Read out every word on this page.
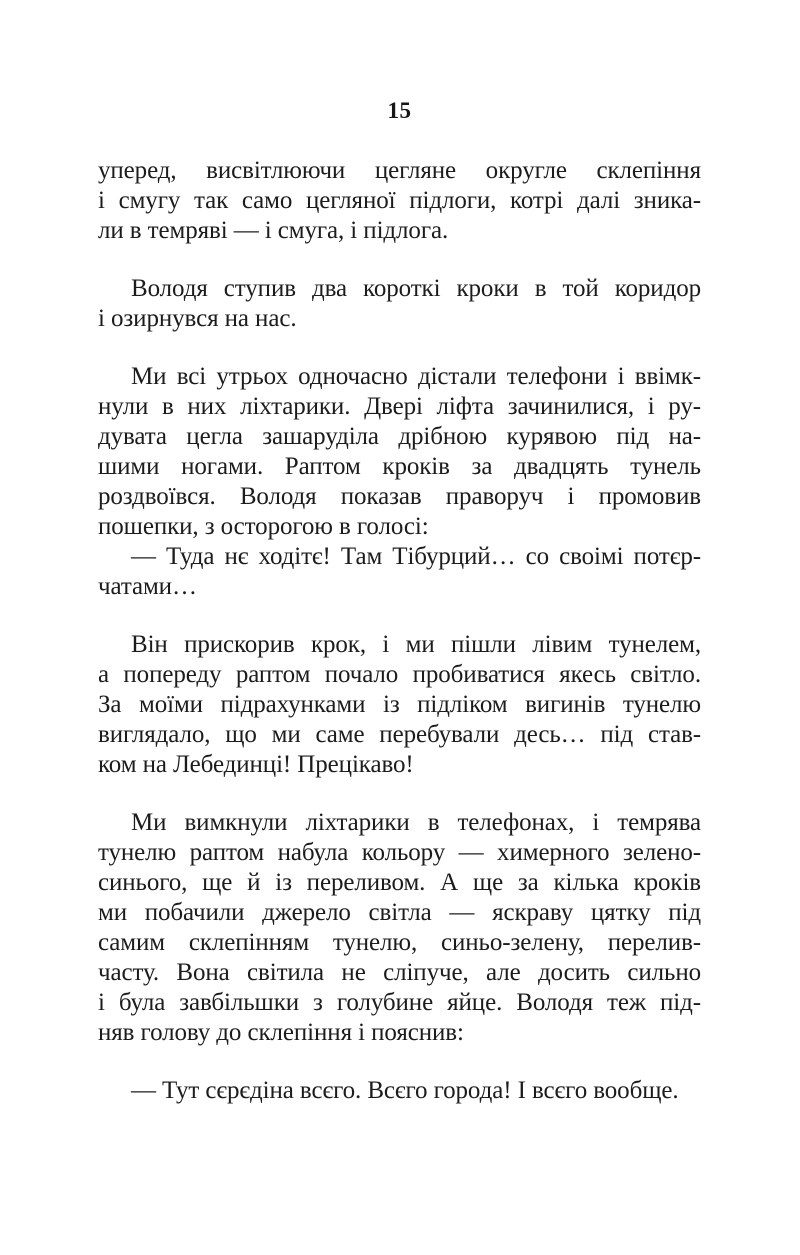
15
уперед, висвітлюючи цегляне округле склепіння
і смугу так само цегляної підлоги, котрі далі зника-
ли в темряві — і смуга, і підлога.
Володя ступив два короткі кроки в той коридор
і озирнувся на нас.
Ми всі утрьох одночасно дістали телефони і ввімк-
нули в них ліхтарики. Двері ліфта зачинилися, і ру-
дувата цегла зашаруділа дрібною курявою під на-
шими ногами. Раптом кроків за двадцять тунель
роздвоївся. Володя показав праворуч і промовив
пошепки, з осторогою в голосі:
— Туда нє ходітє! Там Тібурций… со своімі потєр-
чатами…
Він прискорив крок, і ми пішли лівим тунелем,
а попереду раптом почало пробиватися якесь світло.
За моїми підрахунками із підліком вигинів тунелю
виглядало, що ми саме перебували десь… під став-
ком на Лебединці! Прецікаво!
Ми вимкнули ліхтарики в телефонах, і темрява
тунелю раптом набула кольору — химерного зелено-
синього, ще й із переливом. А ще за кілька кроків
ми побачили джерело світла — яскраву цятку під
самим склепінням тунелю, синьо-зелену, перелив-
часту. Вона світила не сліпуче, але досить сильно
і була завбільшки з голубине яйце. Володя теж під-
няв голову до склепіння і пояснив:
— Тут сєрєдіна всєго. Всєго города! І всєго вообще.
